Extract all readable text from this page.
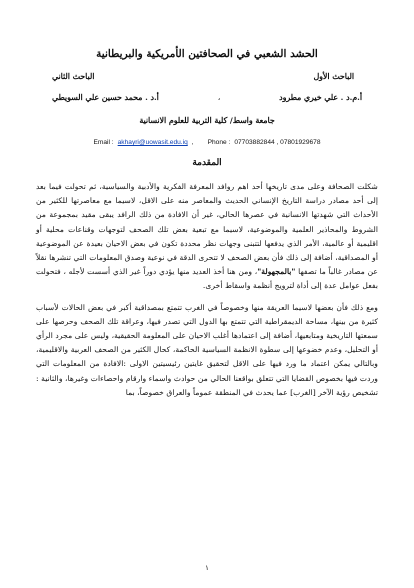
الحشد الشعبي في الصحافتين الأمريكية والبريطانية
الباحث الأول
الباحث الثاني
أ.م.د . علي خيري مطرود
،
أ.د . محمد حسين علي السويطي
جامعة واسط/ كلية التربية للعلوم الانسانية
Email : akhayri@uowasit.edu.iq , Phone : 07703882844 , 07801929678
المقدمة

شكلت الصحافة وعلى مدى تاريخها أحد اهم روافد المعرفة الفكرية والأدبية والسياسية، ثم تحولت فيما بعد إلى أحد مصادر دراسة التاريخ الإنساني الحديث والمعاصر منه على الاقل، لاسيما مع معاصرتها للكثير من الأحداث التي شهدتها الانسانية في عصرها الحالي، غير أن الافادة من ذلك الرافد يبقى مقيد بمجموعة من الشروط والمحاذير العلمية والموضوعية، لاسيما مع تبعية بعض تلك الصحف لتوجهات وقناعات محلية أو اقليمية أو عالمية، الأمر الذي يدفعها لتتبنى وجهات نظر محددة تكون في بعض الاحيان بعيدة عن الموضوعية أو المصداقية، أضافة إلى ذلك فأن بعض الصحف لا تتحرى الدقة في نوعية وصدق المعلومات التي تنشرها نقلاً عن مصادر غالباً ما تصفها "بالمجهولة"، ومن هنا أخذ العديد منها يؤدي دوراً غير الذي أسست لأجله ، فتحولت بفعل عوامل عدة إلى أداة لترويج أنظمة واسقاط أخرى.

ومع ذلك فأن بعضها لاسيما العريقة منها وخصوصاً في الغرب تتمتع بمصداقية أكبر في بعض الحالات لأسباب كثيرة من بينها، مساحة الديمقراطية التي تتمتع بها الدول التي تصدر فيها، وعراقة تلك الصحف وحرصها على سمعتها التاريخية ومتابعيها، أضافة إلى اعتمادها أغلب الاحيان على المعلومة الحقيقية، وليس على مجرد الرأي أو التحليل، وعدم خضوعها إلى سطوة الانظمة السياسية الحاكمة، كحال الكثير من الصحف العربية والاقليمية، وبالتالي يمكن اعتماد ما ورد فيها على الاقل لتحقيق غايتين رئيسيتين الاولى :الافادة من المعلومات التي وردت فيها بخصوص القضايا التي تتعلق بواقعنا الحالي من حوادث واسماء وارقام واحصاءات وغيرها، والثانية : تشخيص رؤية الآخر [الغرب] عما يحدث في المنطقة عموماً والعراق خصوصاً، بما

١
